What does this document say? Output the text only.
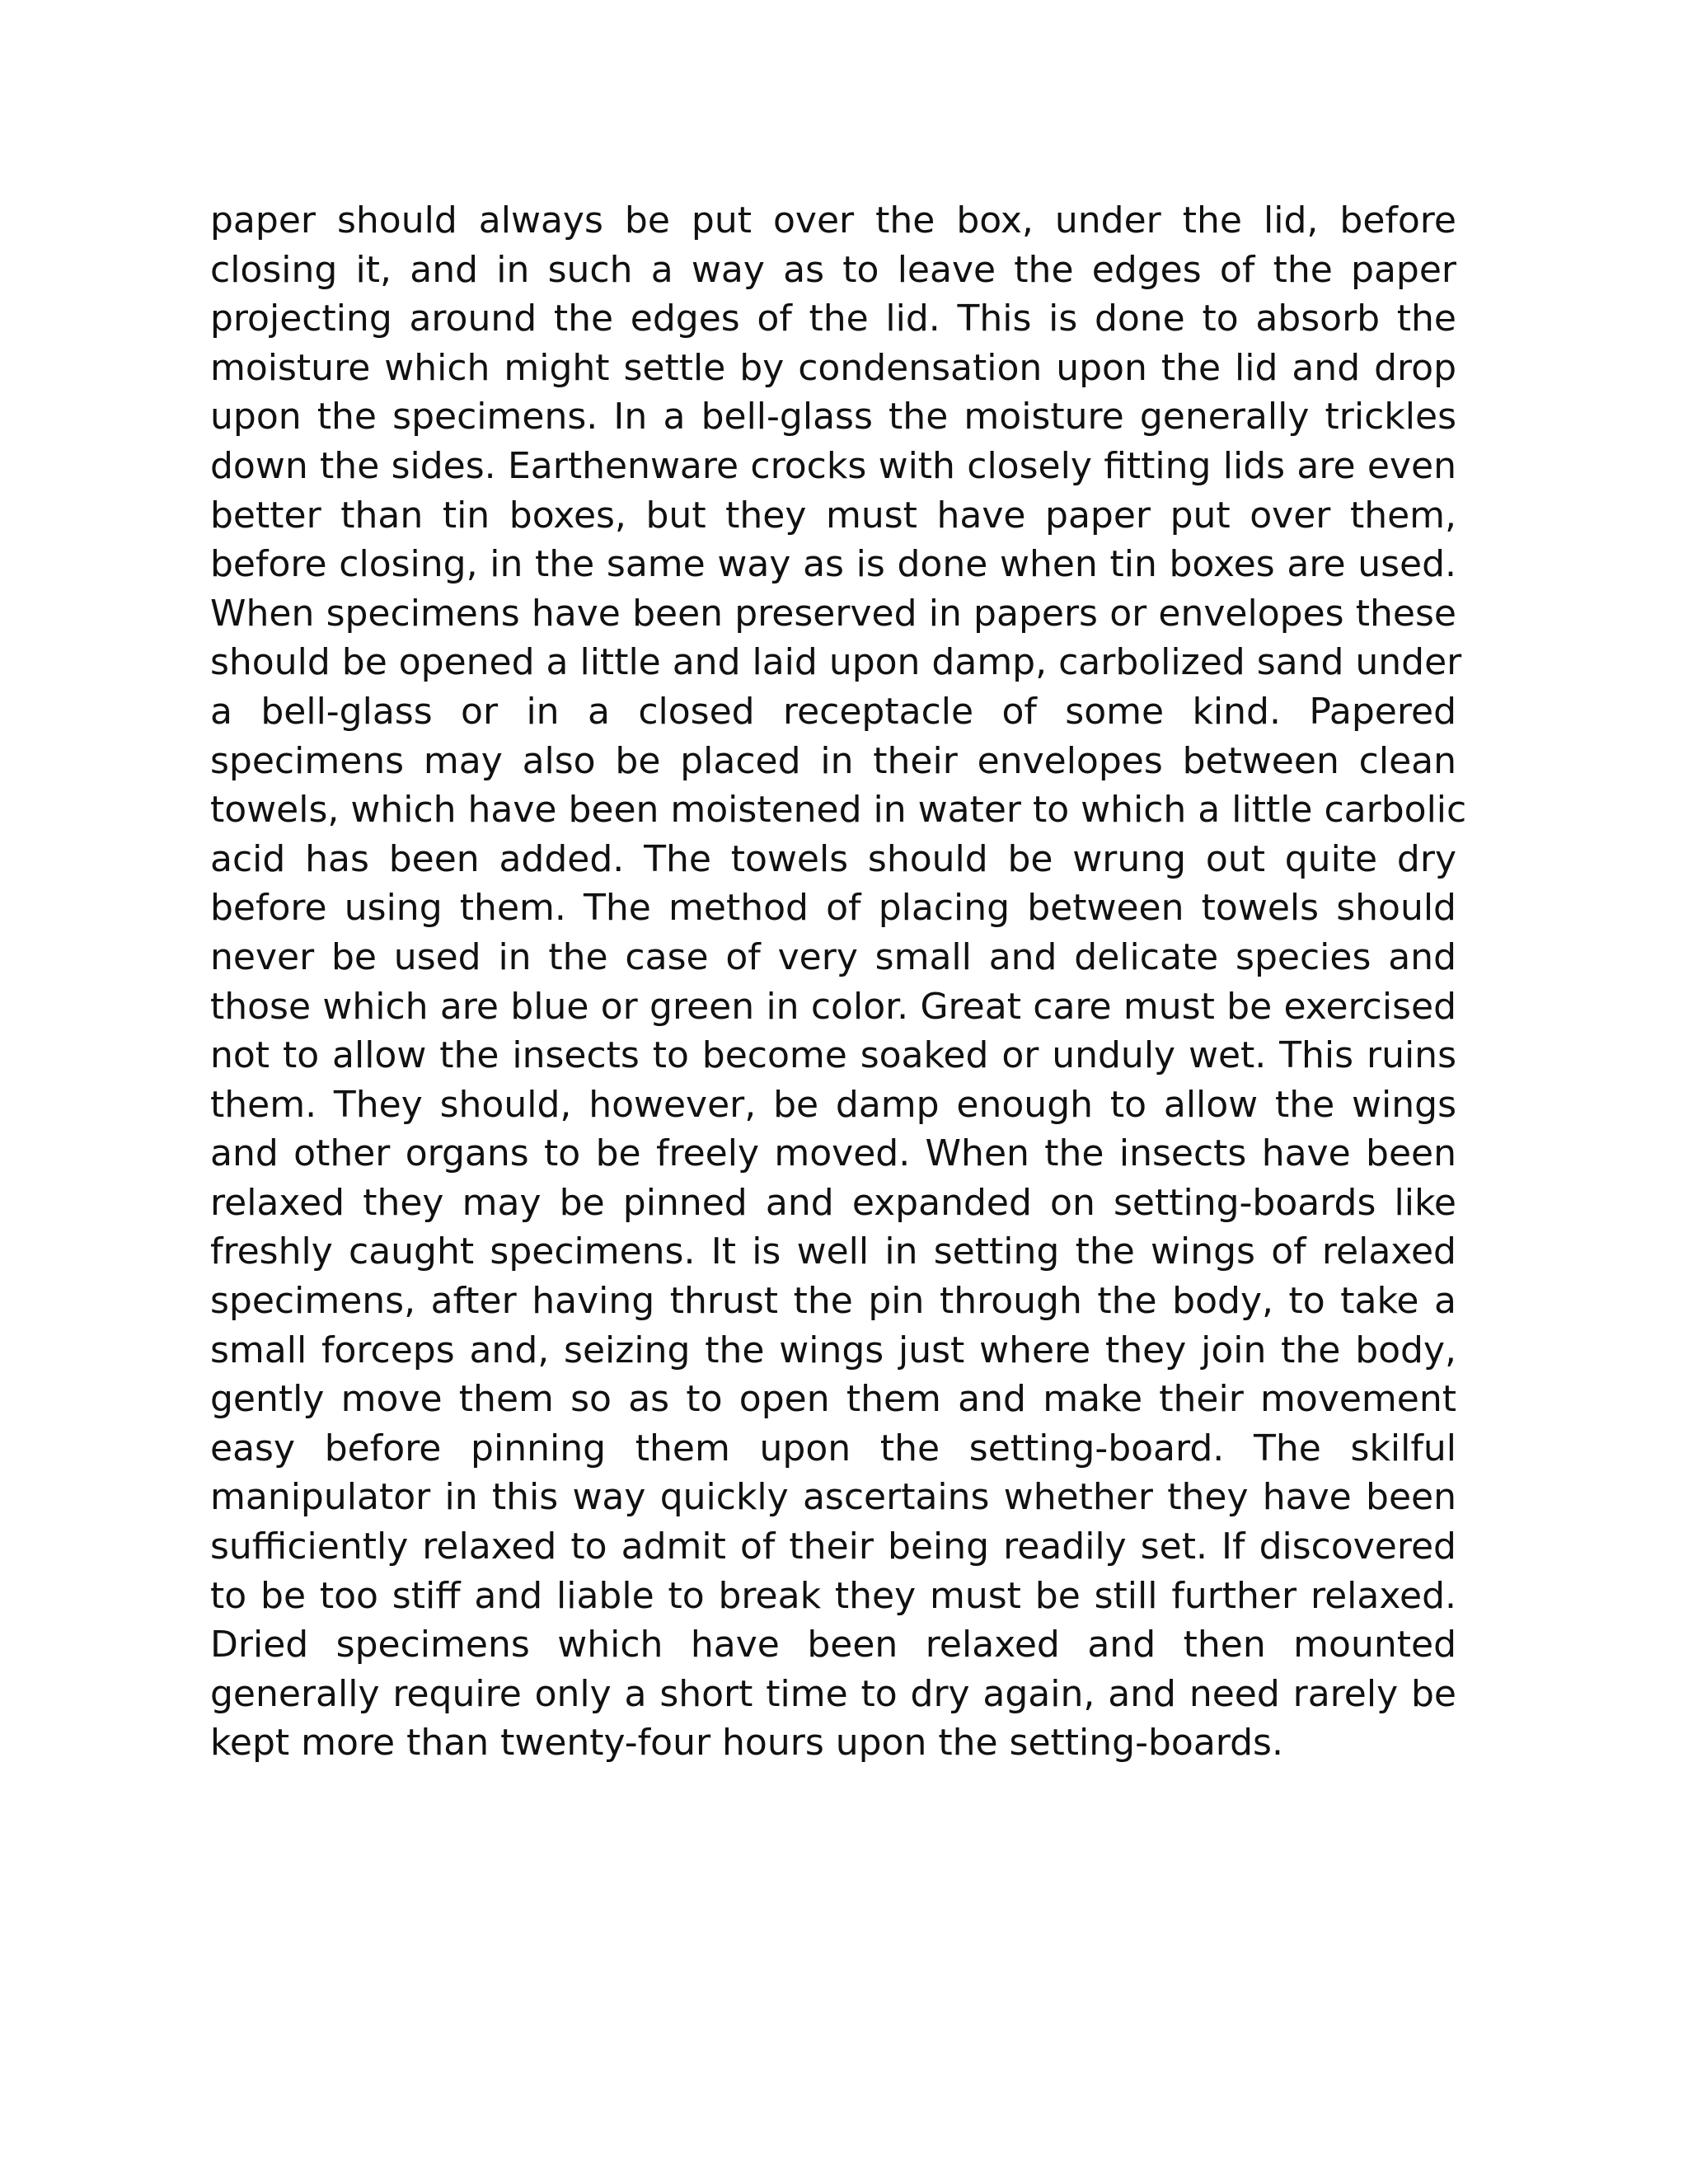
paper should always be put over the box, under the lid, before
closing it, and in such a way as to leave the edges of the paper
projecting around the edges of the lid. This is done to absorb the
moisture which might settle by condensation upon the lid and drop
upon the specimens. In a bell-glass the moisture generally trickles
down the sides. Earthenware crocks with closely fitting lids are even
better than tin boxes, but they must have paper put over them,
before closing, in the same way as is done when tin boxes are used.
When specimens have been preserved in papers or envelopes these
should be opened a little and laid upon damp, carbolized sand under
a bell-glass or in a closed receptacle of some kind. Papered
specimens may also be placed in their envelopes between clean
towels, which have been moistened in water to which a little carbolic
acid has been added. The towels should be wrung out quite dry
before using them. The method of placing between towels should
never be used in the case of very small and delicate species and
those which are blue or green in color. Great care must be exercised
not to allow the insects to become soaked or unduly wet. This ruins
them. They should, however, be damp enough to allow the wings
and other organs to be freely moved. When the insects have been
relaxed they may be pinned and expanded on setting-boards like
freshly caught specimens. It is well in setting the wings of relaxed
specimens, after having thrust the pin through the body, to take a
small forceps and, seizing the wings just where they join the body,
gently move them so as to open them and make their movement
easy before pinning them upon the setting-board. The skilful
manipulator in this way quickly ascertains whether they have been
sufficiently relaxed to admit of their being readily set. If discovered
to be too stiff and liable to break they must be still further relaxed.
Dried specimens which have been relaxed and then mounted
generally require only a short time to dry again, and need rarely be
kept more than twenty-four hours upon the setting-boards.
